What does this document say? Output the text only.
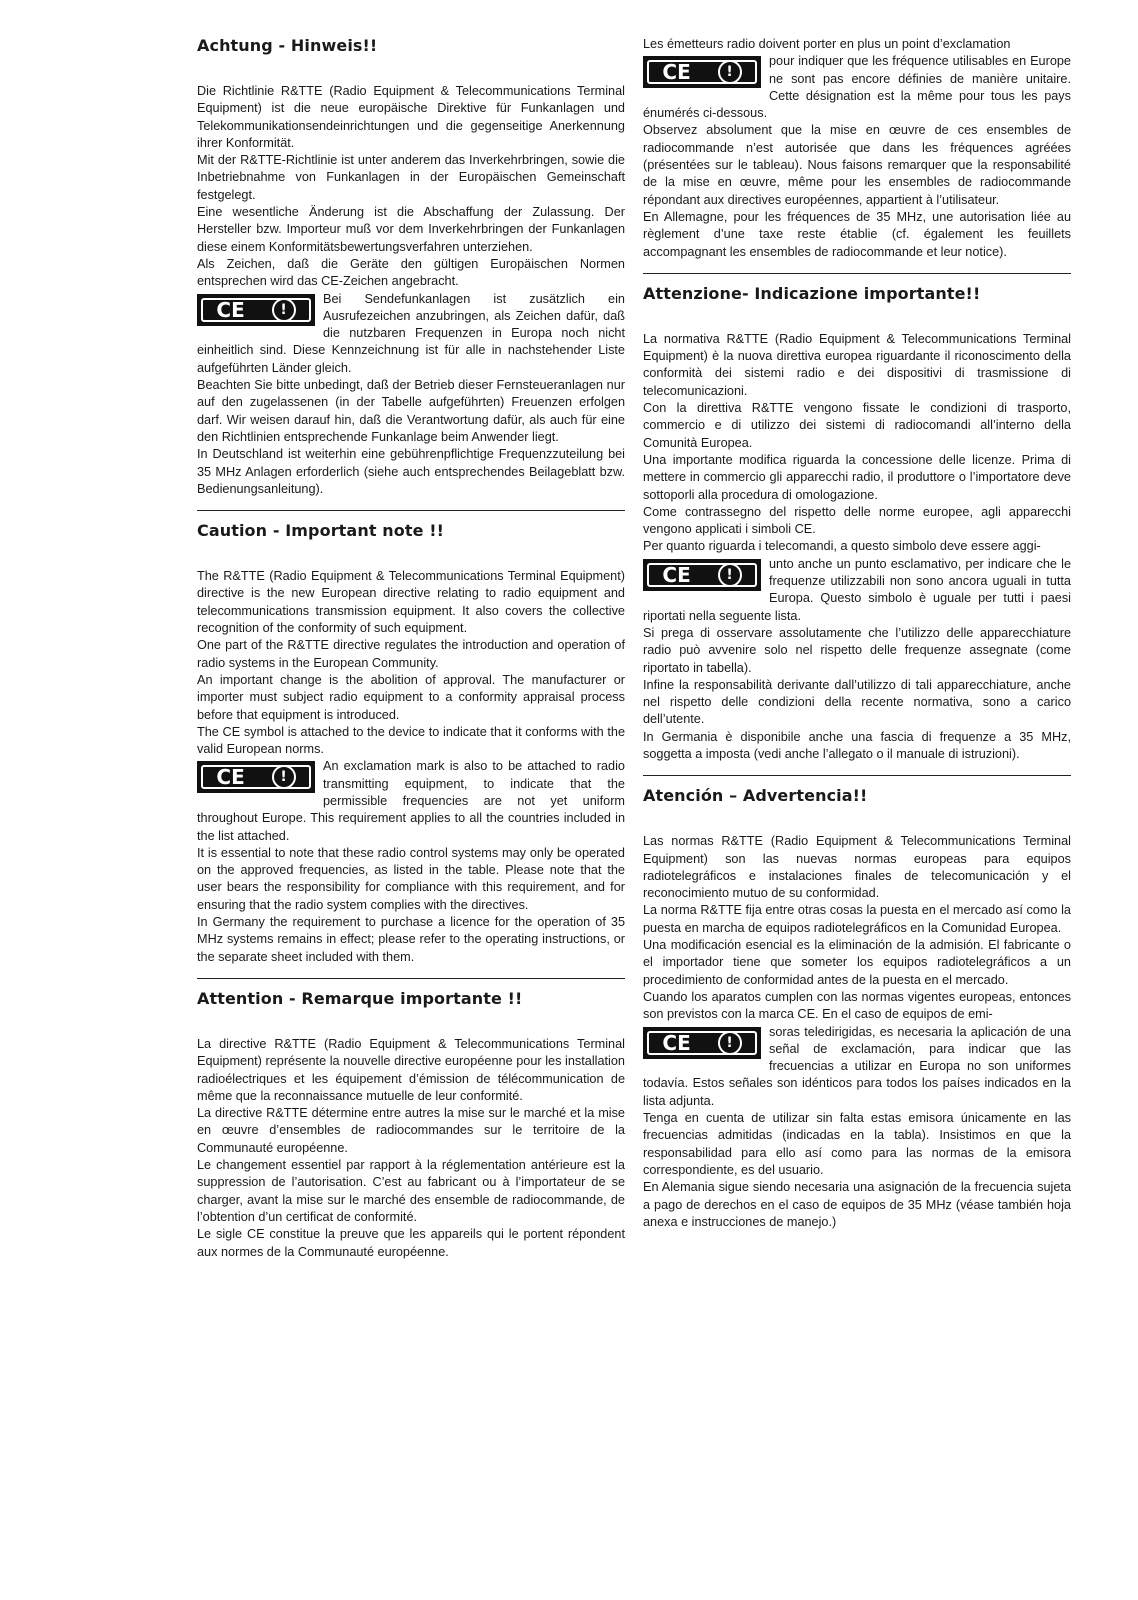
Achtung - Hinweis!!

Die Richtlinie R&TTE (Radio Equipment & Telecommunications Terminal Equipment) ist die neue europäische Direktive für Funkanlagen und Telekommunikationsendeinrichtungen und die gegenseitige Anerkennung ihrer Konformität.

Mit der R&TTE-Richtlinie ist unter anderem das Inverkehrbringen, sowie die Inbetriebnahme von Funkanlagen in der Europäischen Gemeinschaft festgelegt.

Eine wesentliche Änderung ist die Abschaffung der Zulassung. Der Hersteller bzw. Importeur muß vor dem Inverkehrbringen der Funkanlagen diese einem Konformitätsbewertungsverfahren unterziehen.

Als Zeichen, daß die Geräte den gültigen Europäischen Normen entsprechen wird das CE-Zeichen angebracht.

CE	!

Bei Sendefunkanlagen ist zusätzlich ein Ausrufezeichen anzubringen, als Zeichen dafür, daß die nutzbaren Frequenzen in Europa noch nicht einheitlich sind. Diese Kennzeichnung ist für alle in nachstehender Liste aufgeführten Länder gleich.

Beachten Sie bitte unbedingt, daß der Betrieb dieser Fernsteueranlagen nur auf den zugelassenen (in der Tabelle aufgeführten) Freuenzen erfolgen darf. Wir weisen darauf hin, daß die Verantwortung dafür, als auch für eine den Richtlinien entsprechende Funkanlage beim Anwender liegt.

In Deutschland ist weiterhin eine gebührenpflichtige Frequenzzuteilung bei 35 MHz Anlagen erforderlich (siehe auch entsprechendes Beilageblatt bzw. Bedienungsanleitung).

Caution - Important note !!

The R&TTE (Radio Equipment & Telecommunications Terminal Equipment) directive is the new European directive relating to radio equipment and telecommunications transmission equipment. It also covers the collective recognition of the conformity of such equipment.

One part of the R&TTE directive regulates the introduction and operation of radio systems in the European Community.

An important change is the abolition of approval. The manufacturer or importer must subject radio equipment to a conformity appraisal process before that equipment is introduced.

The CE symbol is attached to the device to indicate that it conforms with the valid European norms.

CE	!

An exclamation mark is also to be attached to radio transmitting equipment, to indicate that the permissible frequencies are not yet uniform throughout Europe. This requirement applies to all the countries included in the list attached.

It is essential to note that these radio control systems may only be operated on the approved frequencies, as listed in the table. Please note that the user bears the responsibility for compliance with this requirement, and for ensuring that the radio system complies with the directives.

In Germany the requirement to purchase a licence for the operation of 35 MHz systems remains in effect; please refer to the operating instructions, or the separate sheet included with them.

Attention - Remarque importante !!

La directive R&TTE (Radio Equipment & Telecommunications Terminal Equipment) représente la nouvelle directive européenne pour les installation radioélectriques et les équipement d’émission de télécommunication de même que la reconnaissance mutuelle de leur conformité.

La directive R&TTE détermine entre autres la mise sur le marché et la mise en œuvre d’ensembles de radiocommandes sur le territoire de la Communauté européenne.

Le changement essentiel par rapport à la réglementation antérieure est la suppression de l’autorisation. C’est au fabricant ou à l’importateur de se charger, avant la mise sur le marché des ensemble de radiocommande, de l’obtention d’un certificat de conformité.

Le sigle CE constitue la preuve que les appareils qui le portent répondent aux normes de la Communauté européenne.

Les émetteurs radio doivent porter en plus un point d’exclamation

CE	!

pour indiquer que les fréquence utilisables en Europe ne sont pas encore définies de manière unitaire. Cette désignation est la même pour tous les pays énumérés ci-dessous.

Observez absolument que la mise en œuvre de ces ensembles de radiocommande n’est autorisée que dans les fréquences agréées (présentées sur le tableau). Nous faisons remarquer que la responsabilité de la mise en œuvre, même pour les ensembles de radiocommande répondant aux directives européennes, appartient à l’utilisateur.

En Allemagne, pour les fréquences de 35 MHz, une autorisation liée au règlement d’une taxe reste établie (cf. également les feuillets accompagnant les ensembles de radiocommande et leur notice).

Attenzione- Indicazione importante!!

La normativa R&TTE (Radio Equipment & Telecommunications Terminal Equipment) è la nuova direttiva europea riguardante il riconoscimento della conformità dei sistemi radio e dei dispositivi di trasmissione di telecomunicazioni.

Con la direttiva R&TTE vengono fissate le condizioni di trasporto, commercio e di utilizzo dei sistemi di radiocomandi all’interno della Comunità Europea.

Una importante modifica riguarda la concessione delle licenze. Prima di mettere in commercio gli apparecchi radio, il produttore o l’importatore deve sottoporli alla procedura di omologazione.

Come contrassegno del rispetto delle norme europee, agli apparecchi vengono applicati i simboli CE.

Per quanto riguarda i telecomandi, a questo simbolo deve essere aggi-

CE	!

unto anche un punto esclamativo, per indicare che le frequenze utilizzabili non sono ancora uguali in tutta Europa. Questo simbolo è uguale per tutti i paesi riportati nella seguente lista.

Si prega di osservare assolutamente che l’utilizzo delle apparecchiature radio può avvenire solo nel rispetto delle frequenze assegnate (come riportato in tabella).

Infine la responsabilità derivante dall’utilizzo di tali apparecchiature, anche nel rispetto delle condizioni della recente normativa, sono a carico dell’utente.

In Germania è disponibile anche una fascia di frequenze a 35 MHz, soggetta a imposta (vedi anche l’allegato o il manuale di istruzioni).

Atención – Advertencia!!

Las normas R&TTE (Radio Equipment & Telecommunications Terminal Equipment) son las nuevas normas europeas para equipos radiotelegráficos e instalaciones finales de telecomunicación y el reconocimiento mutuo de su conformidad.

La norma R&TTE fija entre otras cosas la puesta en el mercado así como la puesta en marcha de equipos radiotelegráficos en la Comunidad Europea.

Una modificación esencial es la eliminación de la admisión. El fabricante o el importador tiene que someter los equipos radiotelegráficos a un procedimiento de conformidad antes de la puesta en el mercado.

Cuando los aparatos cumplen con las normas vigentes europeas, entonces son previstos con la marca CE. En el caso de equipos de emi-

CE	!

soras teledirigidas, es necesaria la aplicación de una señal de exclamación, para indicar que las frecuencias a utilizar en Europa no son uniformes todavía. Estos señales son idénticos para todos los países indicados en la lista adjunta.

Tenga en cuenta de utilizar sin falta estas emisora únicamente en las frecuencias admitidas (indicadas en la tabla). Insistimos en que la responsabilidad para ello así como para las normas de la emisora correspondiente, es del usuario.

En Alemania sigue siendo necesaria una asignación de la frecuencia sujeta a pago de derechos en el caso de equipos de 35 MHz (véase también hoja anexa e instrucciones de manejo.)
